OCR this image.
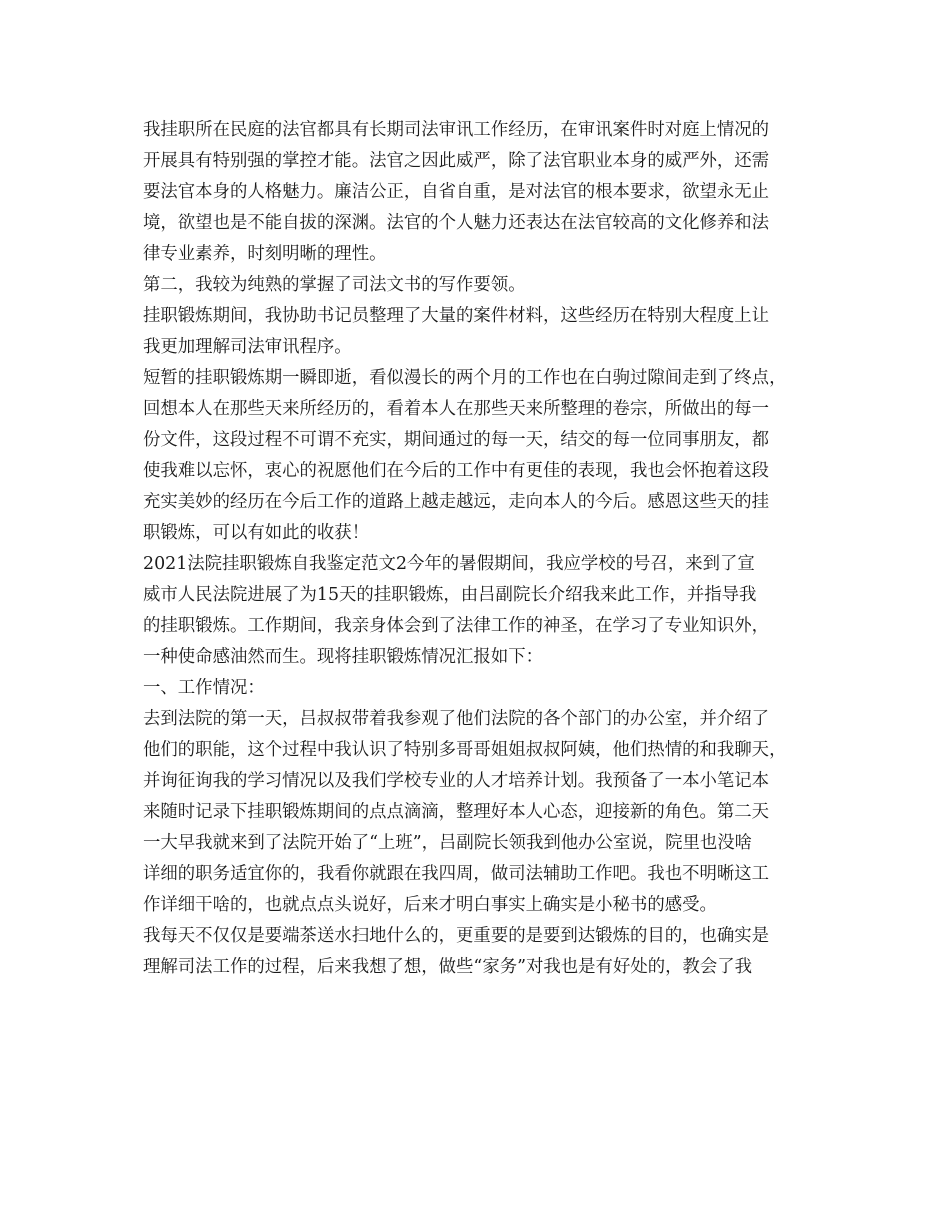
我挂职所在民庭的法官都具有长期司法审讯工作经历，在审讯案件时对庭上情况的
开展具有特别强的掌控才能。法官之因此威严，除了法官职业本身的威严外，还需
要法官本身的人格魅力。廉洁公正，自省自重，是对法官的根本要求，欲望永无止
境，欲望也是不能自拔的深渊。法官的个人魅力还表达在法官较高的文化修养和法
律专业素养，时刻明晰的理性。
第二，我较为纯熟的掌握了司法文书的写作要领。
挂职锻炼期间，我协助书记员整理了大量的案件材料，这些经历在特别大程度上让
我更加理解司法审讯程序。
短暂的挂职锻炼期一瞬即逝，看似漫长的两个月的工作也在白驹过隙间走到了终点，
回想本人在那些天来所经历的，看着本人在那些天来所整理的卷宗，所做出的每一
份文件，这段过程不可谓不充实，期间通过的每一天，结交的每一位同事朋友，都
使我难以忘怀，衷心的祝愿他们在今后的工作中有更佳的表现，我也会怀抱着这段
充实美妙的经历在今后工作的道路上越走越远，走向本人的今后。感恩这些天的挂
职锻炼，可以有如此的收获！
2021法院挂职锻炼自我鉴定范文2今年的暑假期间，我应学校的号召，来到了宣
威市人民法院进展了为15天的挂职锻炼，由吕副院长介绍我来此工作，并指导我
的挂职锻炼。工作期间，我亲身体会到了法律工作的神圣，在学习了专业知识外，
一种使命感油然而生。现将挂职锻炼情况汇报如下：
一、工作情况：
去到法院的第一天，吕叔叔带着我参观了他们法院的各个部门的办公室，并介绍了
他们的职能，这个过程中我认识了特别多哥哥姐姐叔叔阿姨，他们热情的和我聊天，
并询征询我的学习情况以及我们学校专业的人才培养计划。我预备了一本小笔记本
来随时记录下挂职锻炼期间的点点滴滴，整理好本人心态，迎接新的角色。第二天
一大早我就来到了法院开始了“上班”，吕副院长领我到他办公室说，院里也没啥
详细的职务适宜你的，我看你就跟在我四周，做司法辅助工作吧。我也不明晰这工
作详细干啥的，也就点点头说好，后来才明白事实上确实是小秘书的感受。
我每天不仅仅是要端茶送水扫地什么的，更重要的是要到达锻炼的目的，也确实是
理解司法工作的过程，后来我想了想，做些“家务”对我也是有好处的，教会了我
